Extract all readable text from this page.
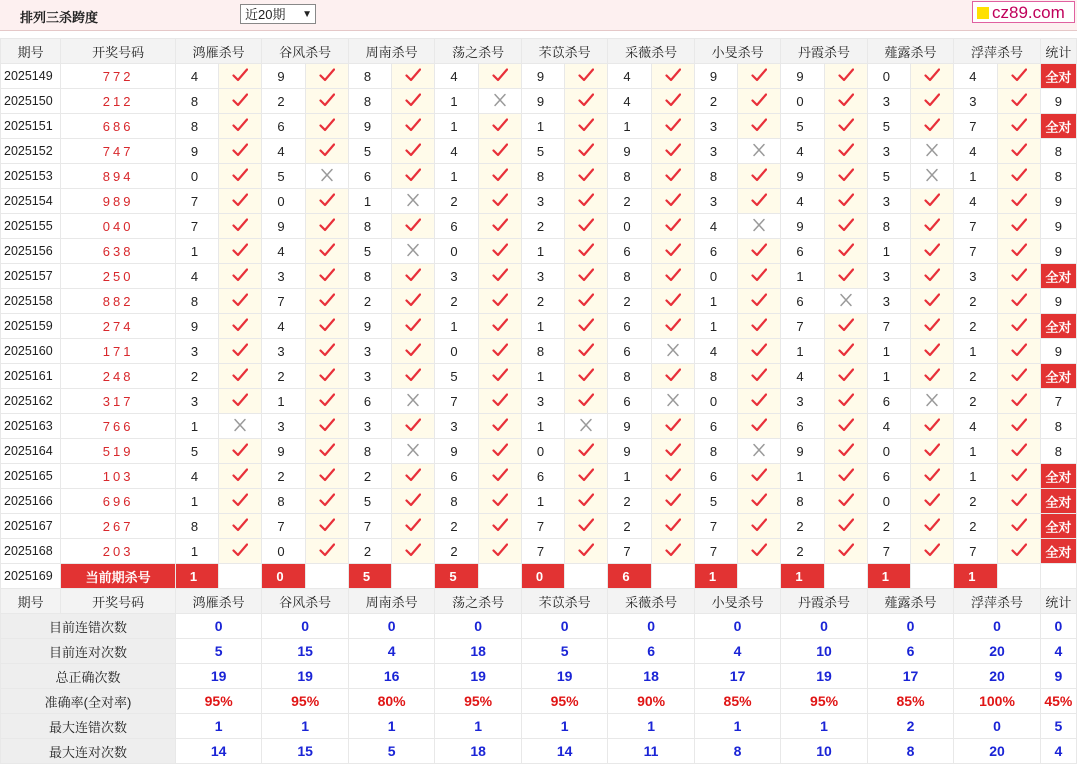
排列三杀跨度	近20期 ▼	cz89.com
期号	开奖号码	鸿雁杀号		谷风杀号		周南杀号		荡之杀号		芣苡杀号		采薇杀号		小旻杀号		丹霞杀号		薤露杀号		浮萍杀号		统计
2025149	772	4		9		8		4		9		4		9		9		0		4		全对
2025150	212	8		2		8		1		9		4		2		0		3		3		9
2025151	686	8		6		9		1		1		1		3		5		5		7		全对
2025152	747	9		4		5		4		5		9		3		4		3		4		8
2025153	894	0		5		6		1		8		8		8		9		5		1		8
2025154	989	7		0		1		2		3		2		3		4		3		4		9
2025155	040	7		9		8		6		2		0		4		9		8		7		9
2025156	638	1		4		5		0		1		6		6		6		1		7		9
2025157	250	4		3		8		3		3		8		0		1		3		3		全对
2025158	882	8		7		2		2		2		2		1		6		3		2		9
2025159	274	9		4		9		1		1		6		1		7		7		2		全对
2025160	171	3		3		3		0		8		6		4		1		1		1		9
2025161	248	2		2		3		5		1		8		8		4		1		2		全对
2025162	317	3		1		6		7		3		6		0		3		6		2		7
2025163	766	1		3		3		3		1		9		6		6		4		4		8
2025164	519	5		9		8		9		0		9		8		9		0		1		8
2025165	103	4		2		2		6		6		1		6		1		6		1		全对
2025166	696	1		8		5		8		1		2		5		8		0		2		全对
2025167	267	8		7		7		2		7		2		7		2		2		2		全对
2025168	203	1		0		2		2		7		7		7		2		7		7		全对
2025169	当前期杀号	1		0		5		5		0		6		1		1		1		1		
期号	开奖号码	鸿雁杀号		谷风杀号		周南杀号		荡之杀号		芣苡杀号		采薇杀号		小旻杀号		丹霞杀号		薤露杀号		浮萍杀号		统计
目前连错次数		0		0		0		0		0		0		0		0		0		0		0
目前连对次数		5		15		4		18		5		6		4		10		6		20		4
总正确次数		19		19		16		19		19		18		17		19		17		20		9
准确率(全对率)		95%		95%		80%		95%		95%		90%		85%		95%		85%		100%		45%
最大连错次数		1		1		1		1		1		1		1		1		2		0		5
最大连对次数		14		15		5		18		14		11		8		10		8		20		4
